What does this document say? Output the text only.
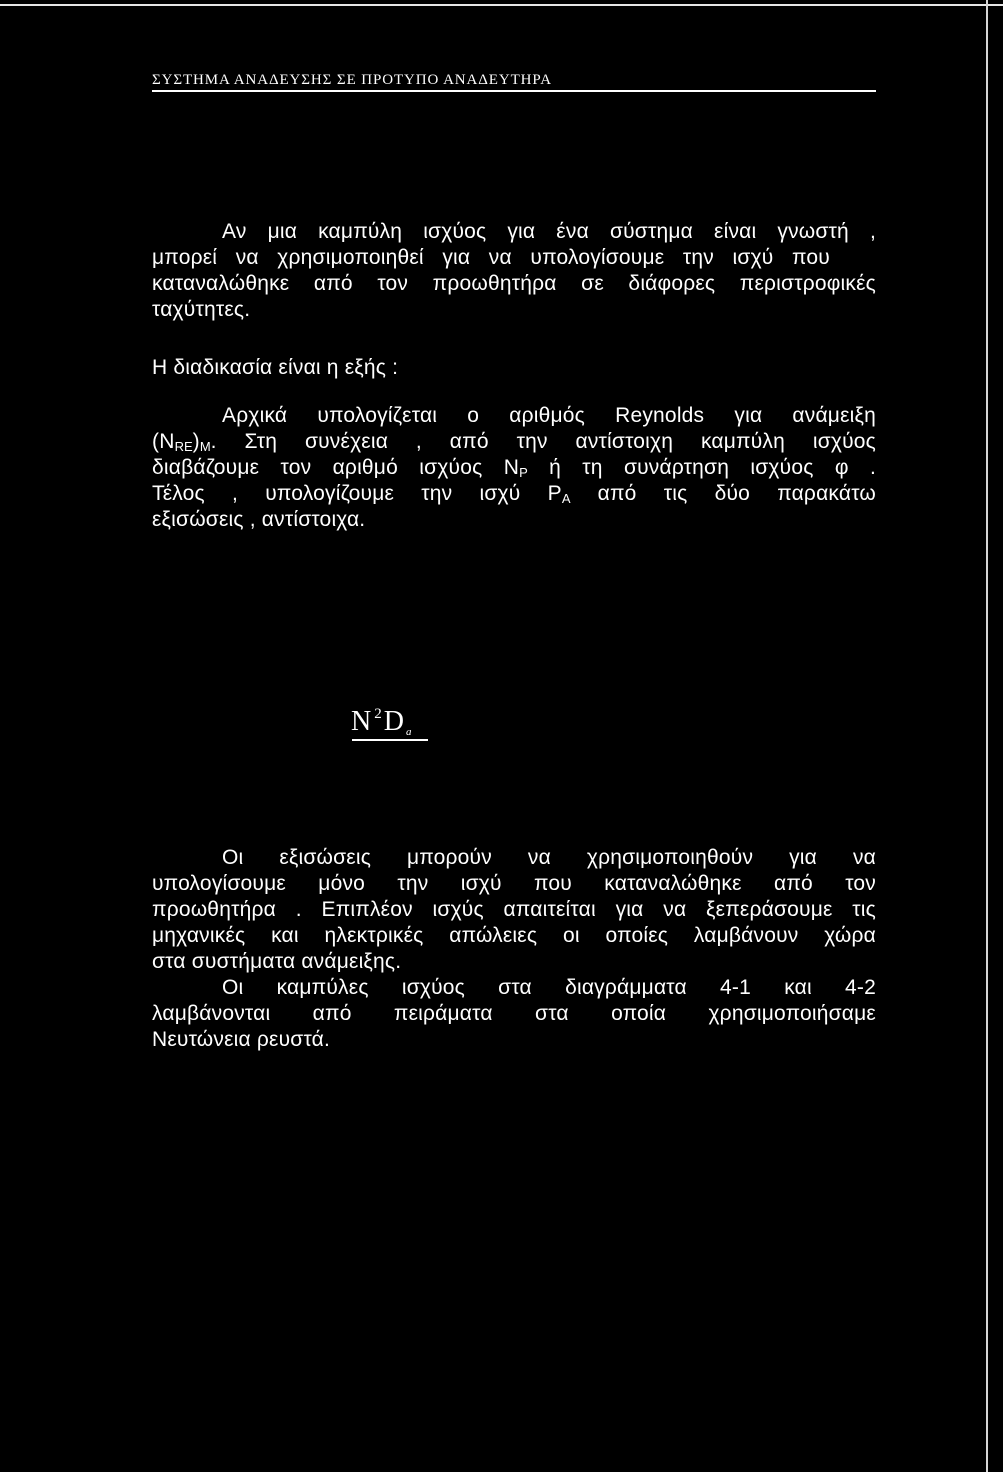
ΣΥΣΤΗΜΑ ΑΝΑΔΕΥΣΗΣ ΣΕ ΠΡΟΤΥΠΟ ΑΝΑΔΕΥΤΗΡΑ
Αν μια καμπύλη ισχύος για ένα σύστημα είναι γνωστή ,
μπορεί να χρησιμοποιηθεί για να υπολογίσουμε την ισχύ που
καταναλώθηκε από τον προωθητήρα σε διάφορες περιστροφικές
ταχύτητες.
Η διαδικασία είναι η εξής :
Αρχικά υπολογίζεται ο αριθμός Reynolds για ανάμειξη
$(N_{RE})_M$. Στη συνέχεια , από την αντίστοιχη καμπύλη ισχύος
διαβάζουμε τον αριθμό ισχύος $N_P$ ή τη συνάρτηση ισχύος φ .
Τέλος , υπολογίζουμε την ισχύ $P_A$ από τις δύο παρακάτω
εξισώσεις , αντίστοιχα.
N $^2$D a
Οι εξισώσεις μπορούν να χρησιμοποιηθούν για να
υπολογίσουμε μόνο την ισχύ που καταναλώθηκε από τον
προωθητήρα . Επιπλέον ισχύς απαιτείται για να ξεπεράσουμε τις
μηχανικές και ηλεκτρικές απώλειες οι οποίες λαμβάνουν χώρα
στα συστήματα ανάμειξης.
Οι καμπύλες ισχύος στα διαγράμματα 4-1 και 4-2
λαμβάνονται από πειράματα στα οποία χρησιμοποιήσαμε
Νευτώνεια ρευστά.
